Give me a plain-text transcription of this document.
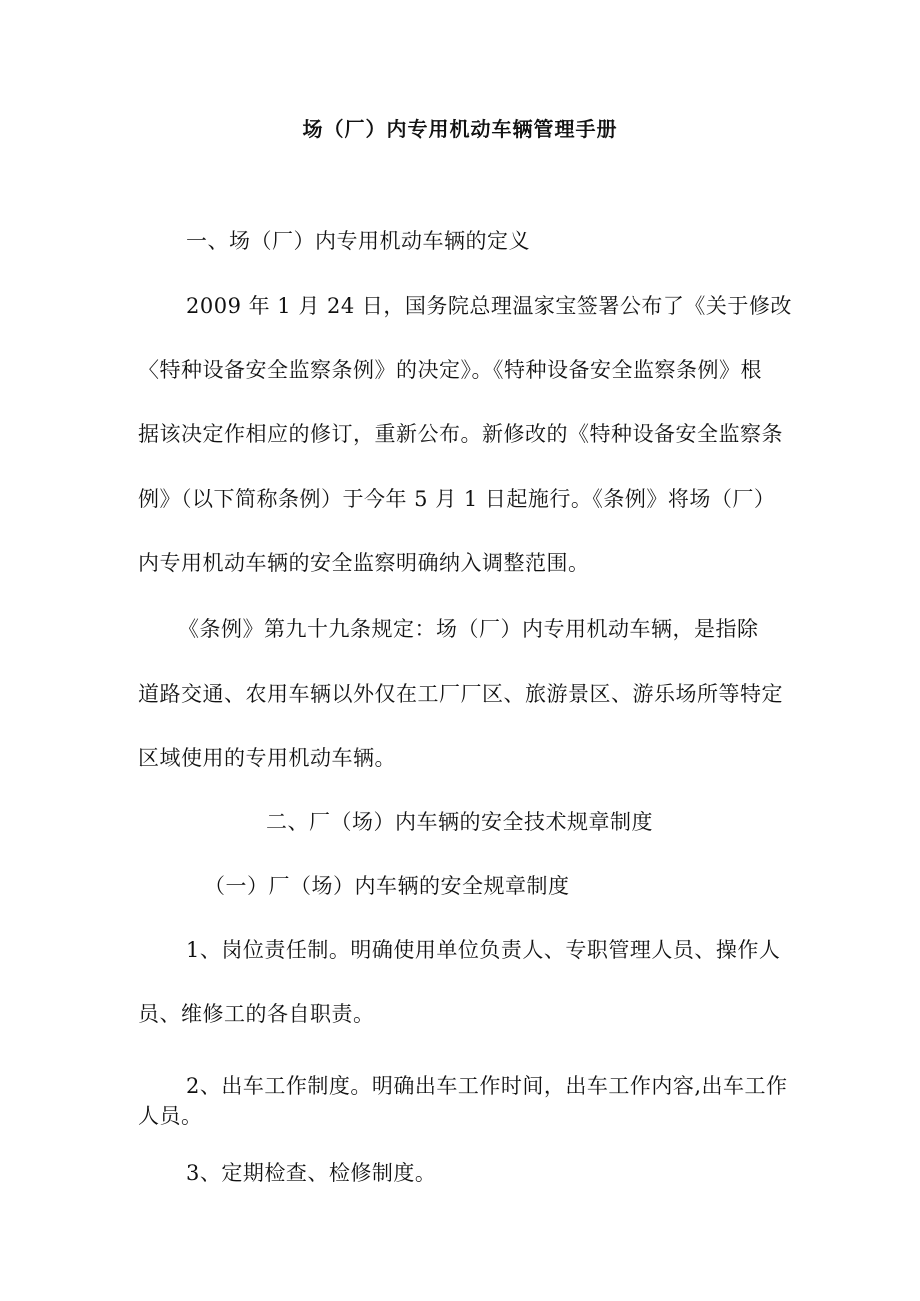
场（厂）内专用机动车辆管理手册
一、场（厂）内专用机动车辆的定义
2009 年 1 月 24 日，国务院总理温家宝签署公布了《关于修改
〈特种设备安全监察条例》的决定》。《特种设备安全监察条例》根
据该决定作相应的修订，重新公布。新修改的《特种设备安全监察条
例》（以下简称条例）于今年 5 月 1 日起施行。《条例》将场（厂）
内专用机动车辆的安全监察明确纳入调整范围。
《条例》第九十九条规定：场（厂）内专用机动车辆，是指除
道路交通、农用车辆以外仅在工厂厂区、旅游景区、游乐场所等特定
区域使用的专用机动车辆。
二、厂（场）内车辆的安全技术规章制度
（一）厂（场）内车辆的安全规章制度
1、岗位责任制。明确使用单位负责人、专职管理人员、操作人
员、维修工的各自职责。
2、出车工作制度。明确出车工作时间，出车工作内容,出车工作
人员。
3、定期检查、检修制度。
